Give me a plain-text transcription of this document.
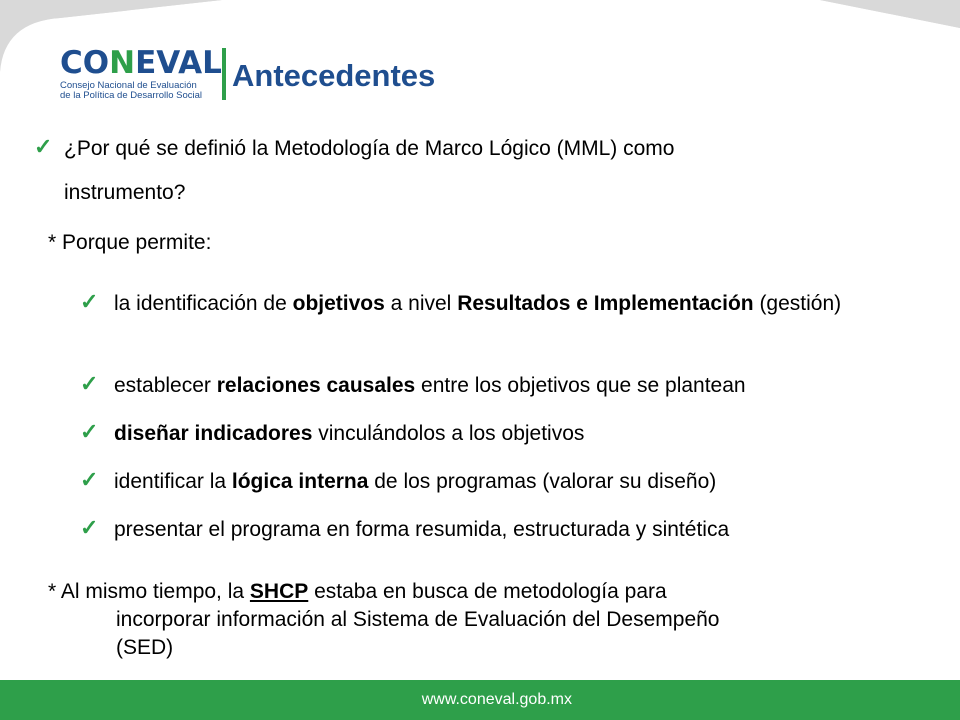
CONEVAL
Consejo Nacional de Evaluación
de la Política de Desarrollo Social
Antecedentes
✓ ¿Por qué se definió la Metodología de Marco Lógico (MML) como
instrumento?
* Porque permite:
✓ la identificación de objetivos a nivel Resultados e Implementación (gestión)
✓ establecer relaciones causales entre los objetivos que se plantean
✓ diseñar indicadores vinculándolos a los objetivos
✓ identificar la lógica interna de los programas (valorar su diseño)
✓ presentar el programa en forma resumida, estructurada y sintética
* Al mismo tiempo, la SHCP estaba en busca de metodología para
incorporar información al Sistema de Evaluación del Desempeño
(SED)
www.coneval.gob.mx
